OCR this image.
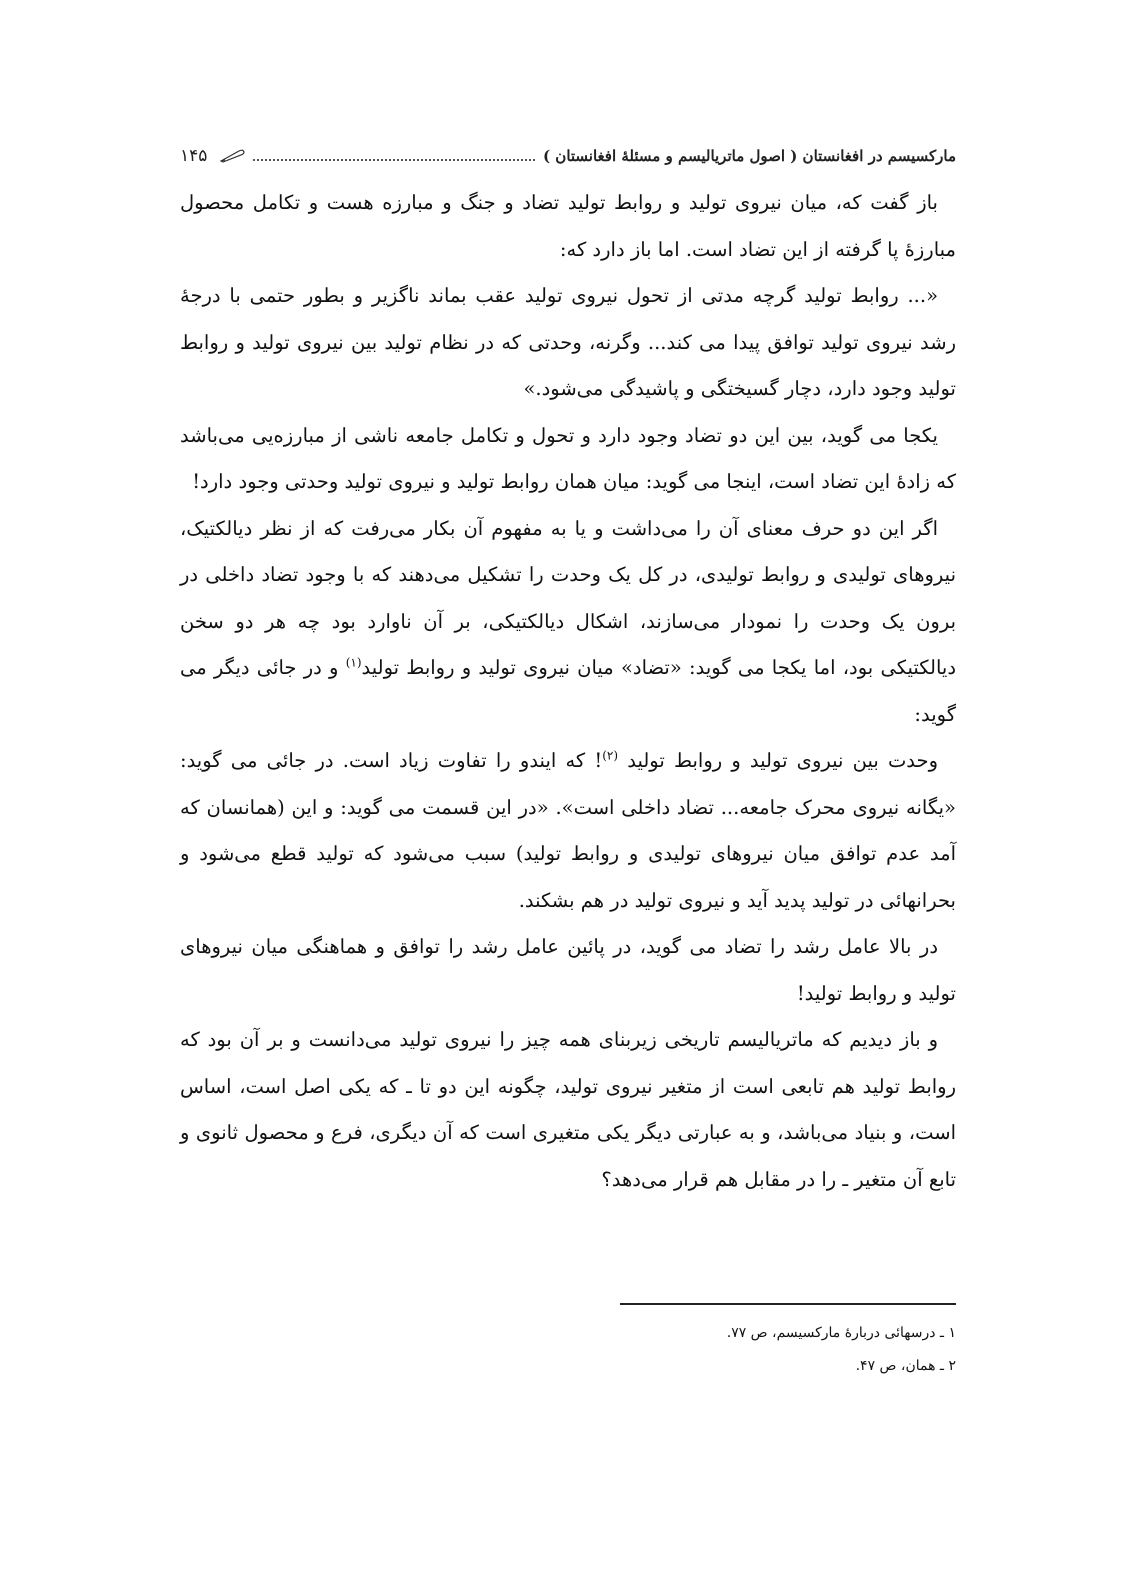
مارکسیسم در افغانستان ( اصول ماتریالیسم و مسئلهٔ افغانستان )
۱۴۵

باز گفت که، میان نیروی تولید و روابط تولید تضاد و جنگ و مبارزه هست و تکامل محصول مبارزهٔ پا گرفته از این تضاد است. اما باز دارد که:

«... روابط تولید گرچه مدتی از تحول نیروی تولید عقب بماند ناگزیر و بطور حتمی با درجهٔ رشد نیروی تولید توافق پیدا می کند... وگرنه، وحدتی که در نظام تولید بین نیروی تولید و روابط تولید وجود دارد، دچار گسیختگی و پاشیدگی می‌شود.»

یکجا می گوید، بین این دو تضاد وجود دارد و تحول و تکامل جامعه ناشی از مبارزه‌یی می‌باشد که زادهٔ این تضاد است، اینجا می گوید: میان همان روابط تولید و نیروی تولید وحدتی وجود دارد!

اگر این دو حرف معنای آن را می‌داشت و یا به مفهوم آن بکار می‌رفت که از نظر دیالکتیک، نیروهای تولیدی و روابط تولیدی، در کل یک وحدت را تشکیل می‌دهند که با وجود تضاد داخلی در برون یک وحدت را نمودار می‌سازند، اشکال دیالکتیکی، بر آن ناوارد بود چه هر دو سخن دیالکتیکی بود، اما یکجا می گوید: «تضاد» میان نیروی تولید و روابط تولید$^{(۱)}$ و در جائی دیگر می گوید:

وحدت بین نیروی تولید و روابط تولید $^{(۲)}$! که ایندو را تفاوت زیاد است. در جائی می گوید: «یگانه نیروی محرک جامعه... تضاد داخلی است». «در این قسمت می گوید: و این (همانسان که آمد عدم توافق میان نیروهای تولیدی و روابط تولید) سبب می‌شود که تولید قطع می‌شود و بحرانهائی در تولید پدید آید و نیروی تولید در هم بشکند.

در بالا عامل رشد را تضاد می گوید، در پائین عامل رشد را توافق و هماهنگی میان نیروهای تولید و روابط تولید!

و باز دیدیم که ماتریالیسم تاریخی زیربنای همه چیز را نیروی تولید می‌دانست و بر آن بود که روابط تولید هم تابعی است از متغیر نیروی تولید، چگونه این دو تا ـ که یکی اصل است، اساس است، و بنیاد می‌باشد، و به عبارتی دیگر یکی متغیری است که آن دیگری، فرع و محصول ثانوی و تابع آن متغیر ـ را در مقابل هم قرار می‌دهد؟

۱ ـ درسهائی دربارهٔ مارکسیسم، ص ۷۷.
۲ ـ همان، ص ۴۷.
